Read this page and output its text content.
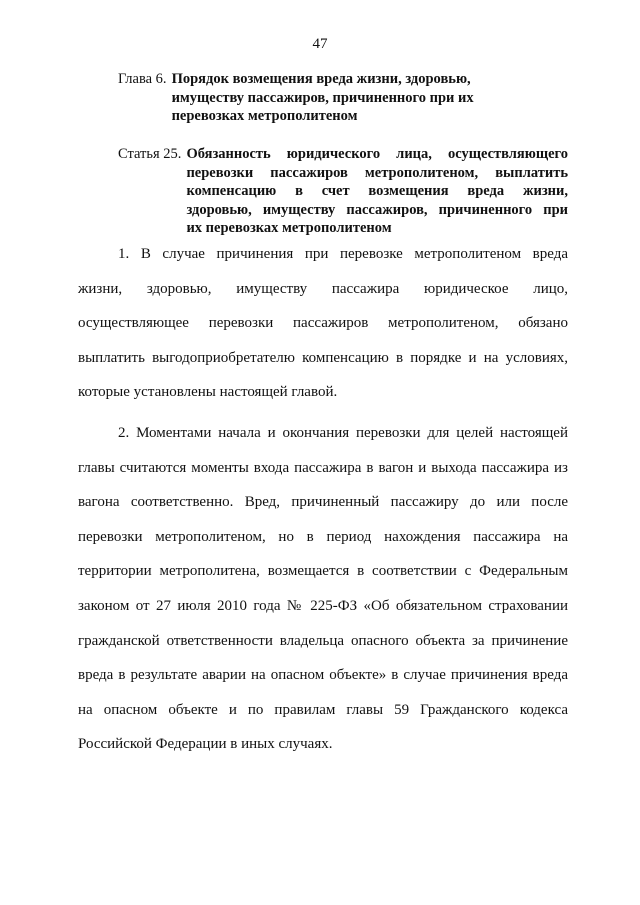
47
Глава 6. Порядок возмещения вреда жизни, здоровью,
имуществу пассажиров, причиненного при их
перевозках метрополитеном
Статья 25. Обязанность юридического лица, осуществляющего
перевозки пассажиров метрополитеном, выплатить
компенсацию в счет возмещения вреда жизни,
здоровью, имуществу пассажиров, причиненного при
их перевозках метрополитеном
1. В случае причинения при перевозке метрополитеном вреда
жизни, здоровью, имуществу пассажира юридическое лицо,
осуществляющее перевозки пассажиров метрополитеном, обязано
выплатить выгодоприобретателю компенсацию в порядке и на условиях,
которые установлены настоящей главой.
2. Моментами начала и окончания перевозки для целей настоящей
главы считаются моменты входа пассажира в вагон и выхода пассажира из
вагона соответственно. Вред, причиненный пассажиру до или после
перевозки метрополитеном, но в период нахождения пассажира на
территории метрополитена, возмещается в соответствии с Федеральным
законом от 27 июля 2010 года № 225-ФЗ «Об обязательном страховании
гражданской ответственности владельца опасного объекта за причинение
вреда в результате аварии на опасном объекте» в случае причинения вреда
на опасном объекте и по правилам главы 59 Гражданского кодекса
Российской Федерации в иных случаях.
